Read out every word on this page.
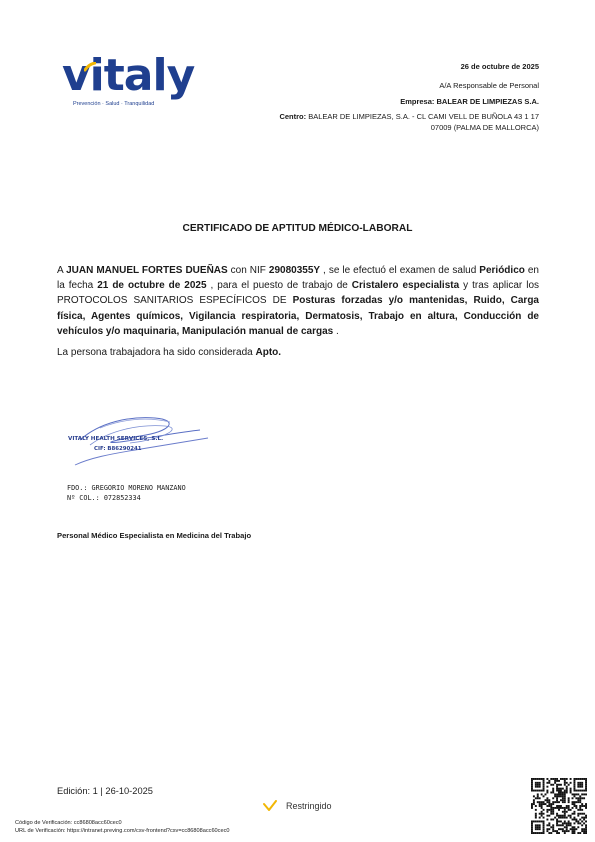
vitaly
Prevención · Salud · Tranquilidad
26 de octubre de 2025
A/A Responsable de Personal
Empresa: BALEAR DE LIMPIEZAS S.A.
Centro: BALEAR DE LIMPIEZAS, S.A. - CL CAMI VELL DE BUÑOLA 43 1 17
07009 (PALMA DE MALLORCA)
CERTIFICADO DE APTITUD MÉDICO-LABORAL
A JUAN MANUEL FORTES DUEÑAS con NIF 29080355Y , se le efectuó el examen de salud Periódico en la fecha 21 de octubre de 2025 , para el puesto de trabajo de Cristalero especialista y tras aplicar los PROTOCOLOS SANITARIOS ESPECÍFICOS DE Posturas forzadas y/o mantenidas, Ruido, Carga física, Agentes químicos, Vigilancia respiratoria, Dermatosis, Trabajo en altura, Conducción de vehículos y/o maquinaria, Manipulación manual de cargas .
La persona trabajadora ha sido considerada Apto.
VITALY HEALTH SERVICES, S.L.
CIF: B86290241
FDO.: GREGORIO MORENO MANZANO
Nº COL.: 072852334
Personal Médico Especialista en Medicina del Trabajo
Edición: 1 | 26-10-2025
Restringido
Código de Verificación: cc86808acc60cec0
URL de Verificación: https://intranet.preving.com/csv-frontend?csv=cc86808acc60cec0
